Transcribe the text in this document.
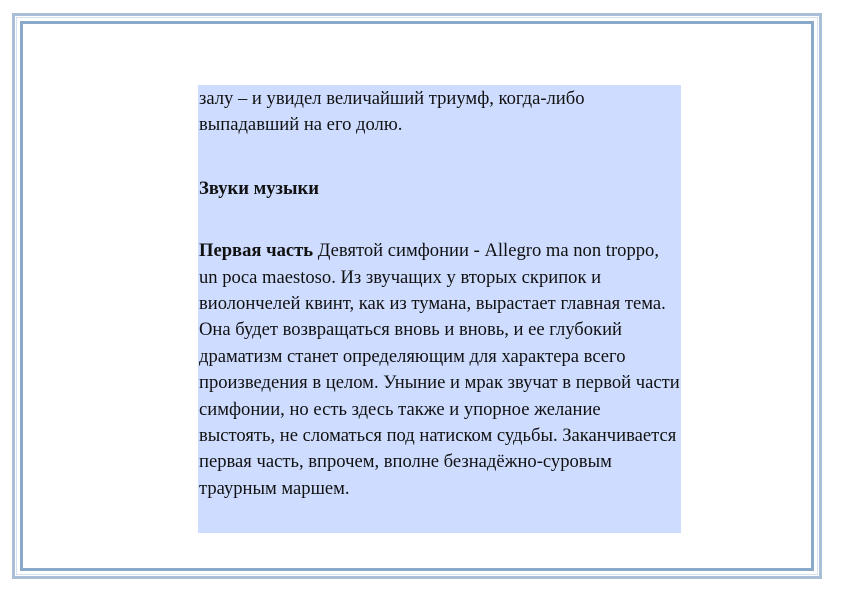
залу – и увидел величайший триумф, когда-либо выпадавший на его долю.

Звуки музыки

Первая часть Девятой симфонии - Allegro ma non troppo, un poca maestoso. Из звучащих у вторых скрипок и виолончелей квинт, как из тумана, вырастает главная тема. Она будет возвращаться вновь и вновь, и ее глубокий драматизм станет определяющим для характера всего произведения в целом. Уныние и мрак звучат в первой части симфонии, но есть здесь также и упорное желание выстоять, не сломаться под натиском судьбы. Заканчивается первая часть, впрочем, вполне безнадёжно-суровым траурным маршем.
